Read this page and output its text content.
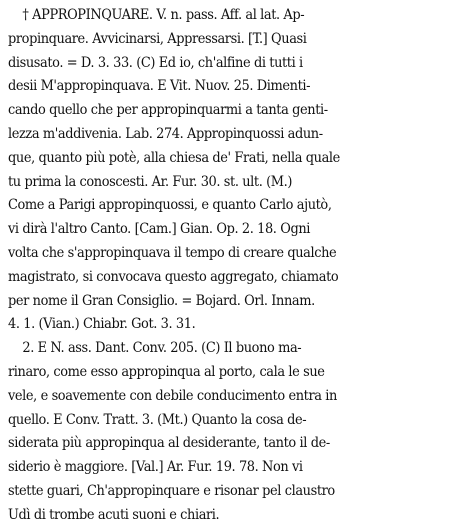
† APPROPINQUARE. V. n. pass. Aff. al lat. Ap-
propinquare. Avvicinarsi, Appressarsi. [T.] Quasi
disusato. = D. 3. 33. (C) Ed io, ch'alfine di tutti i
desii M'appropinquava. E Vit. Nuov. 25. Dimenti-
cando quello che per appropinquarmi a tanta genti-
lezza m'addivenia. Lab. 274. Appropinquossi adun-
que, quanto più potè, alla chiesa de' Frati, nella quale
tu prima la conoscesti. Ar. Fur. 30. st. ult. (M.)
Come a Parigi appropinquossi, e quanto Carlo ajutò,
vi dirà l'altro Canto. [Cam.] Gian. Op. 2. 18. Ogni
volta che s'appropinquava il tempo di creare qualche
magistrato, si convocava questo aggregato, chiamato
per nome il Gran Consiglio. = Bojard. Orl. Innam.
4. 1. (Vian.) Chiabr. Got. 3. 31.
2. E N. ass. Dant. Conv. 205. (C) Il buono ma-
rinaro, come esso appropinqua al porto, cala le sue
vele, e soavemente con debile conducimento entra in
quello. E Conv. Tratt. 3. (Mt.) Quanto la cosa de-
siderata più appropinqua al desiderante, tanto il de-
siderio è maggiore. [Val.] Ar. Fur. 19. 78. Non vi
stette guari, Ch'appropinquare e risonar pel claustro
Udì di trombe acuti suoni e chiari.
